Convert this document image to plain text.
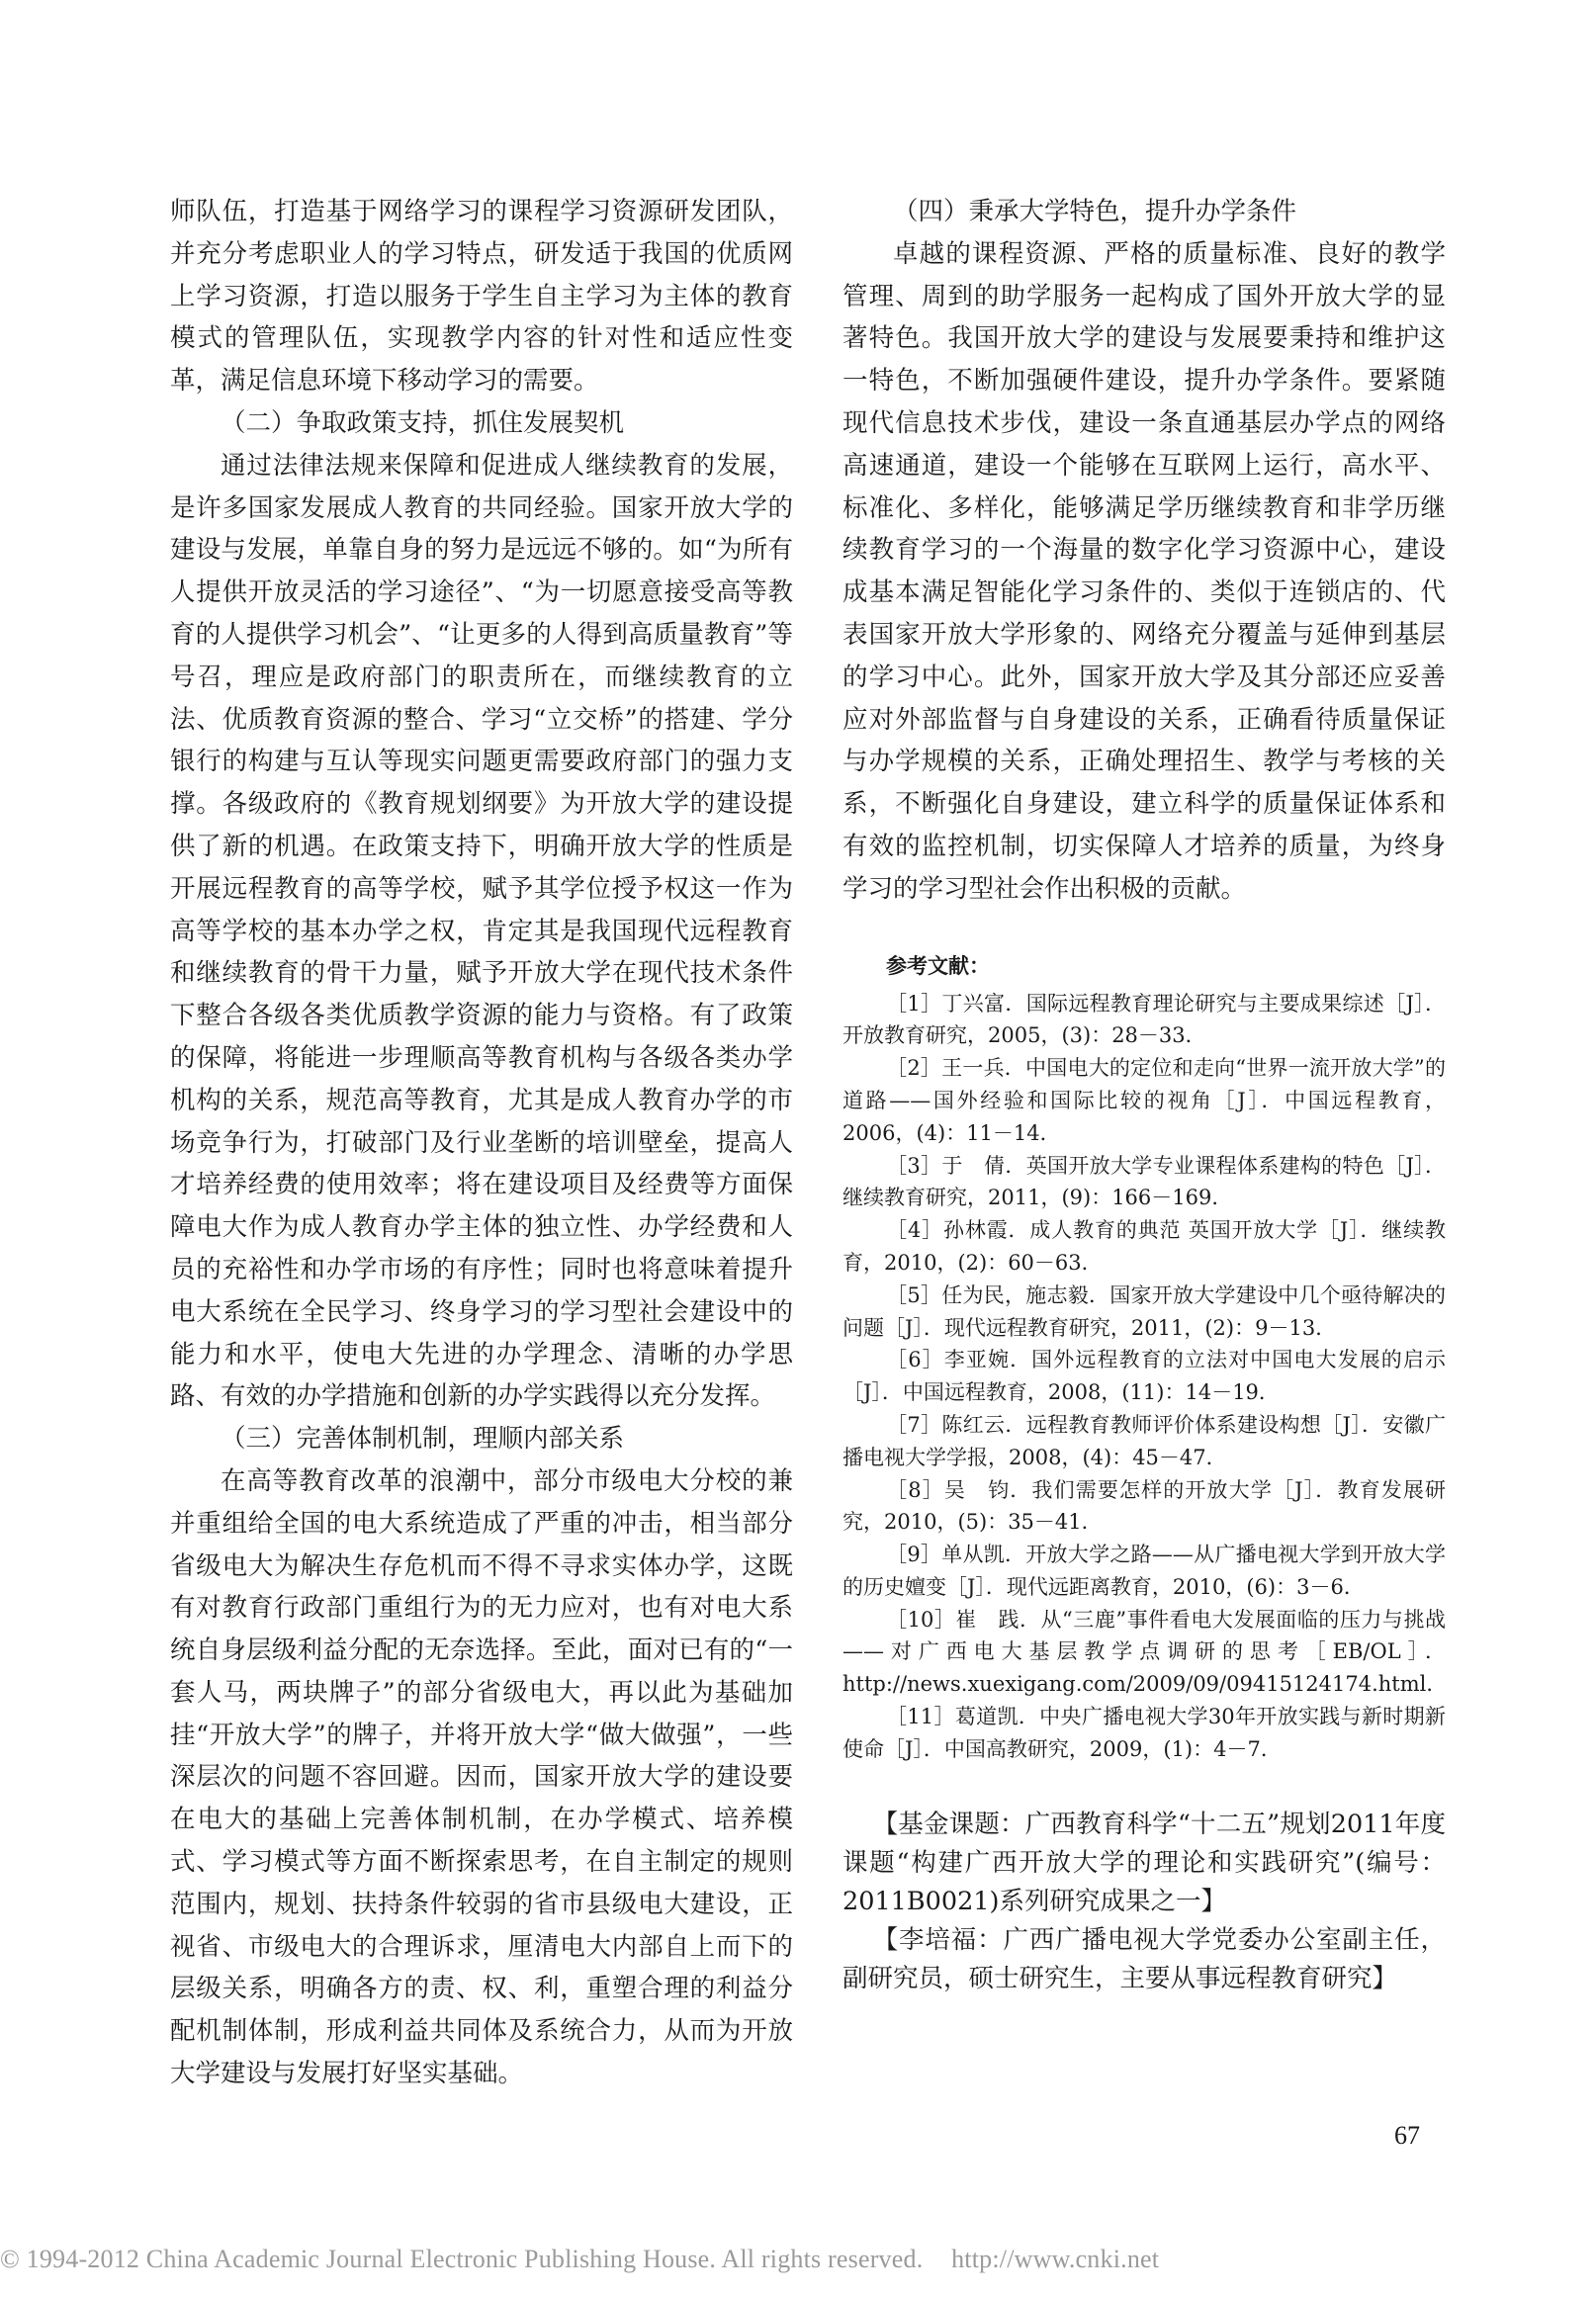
师队伍，打造基于网络学习的课程学习资源研发团队，并充分考虑职业人的学习特点，研发适于我国的优质网上学习资源，打造以服务于学生自主学习为主体的教育模式的管理队伍，实现教学内容的针对性和适应性变革，满足信息环境下移动学习的需要。

（二）争取政策支持，抓住发展契机

通过法律法规来保障和促进成人继续教育的发展，是许多国家发展成人教育的共同经验。国家开放大学的建设与发展，单靠自身的努力是远远不够的。如“为所有人提供开放灵活的学习途径”、“为一切愿意接受高等教育的人提供学习机会”、“让更多的人得到高质量教育”等号召，理应是政府部门的职责所在，而继续教育的立法、优质教育资源的整合、学习“立交桥”的搭建、学分银行的构建与互认等现实问题更需要政府部门的强力支撑。各级政府的《教育规划纲要》为开放大学的建设提供了新的机遇。在政策支持下，明确开放大学的性质是开展远程教育的高等学校，赋予其学位授予权这一作为高等学校的基本办学之权，肯定其是我国现代远程教育和继续教育的骨干力量，赋予开放大学在现代技术条件下整合各级各类优质教学资源的能力与资格。有了政策的保障，将能进一步理顺高等教育机构与各级各类办学机构的关系，规范高等教育，尤其是成人教育办学的市场竞争行为，打破部门及行业垄断的培训壁垒，提高人才培养经费的使用效率；将在建设项目及经费等方面保障电大作为成人教育办学主体的独立性、办学经费和人员的充裕性和办学市场的有序性；同时也将意味着提升电大系统在全民学习、终身学习的学习型社会建设中的能力和水平，使电大先进的办学理念、清晰的办学思路、有效的办学措施和创新的办学实践得以充分发挥。

（三）完善体制机制，理顺内部关系

在高等教育改革的浪潮中，部分市级电大分校的兼并重组给全国的电大系统造成了严重的冲击，相当部分省级电大为解决生存危机而不得不寻求实体办学，这既有对教育行政部门重组行为的无力应对，也有对电大系统自身层级利益分配的无奈选择。至此，面对已有的“一套人马，两块牌子”的部分省级电大，再以此为基础加挂“开放大学”的牌子，并将开放大学“做大做强”，一些深层次的问题不容回避。因而，国家开放大学的建设要在电大的基础上完善体制机制，在办学模式、培养模式、学习模式等方面不断探索思考，在自主制定的规则范围内，规划、扶持条件较弱的省市县级电大建设，正视省、市级电大的合理诉求，厘清电大内部自上而下的层级关系，明确各方的责、权、利，重塑合理的利益分配机制体制，形成利益共同体及系统合力，从而为开放大学建设与发展打好坚实基础。

（四）秉承大学特色，提升办学条件

卓越的课程资源、严格的质量标准、良好的教学管理、周到的助学服务一起构成了国外开放大学的显著特色。我国开放大学的建设与发展要秉持和维护这一特色，不断加强硬件建设，提升办学条件。要紧随现代信息技术步伐，建设一条直通基层办学点的网络高速通道，建设一个能够在互联网上运行，高水平、标准化、多样化，能够满足学历继续教育和非学历继续教育学习的一个海量的数字化学习资源中心，建设成基本满足智能化学习条件的、类似于连锁店的、代表国家开放大学形象的、网络充分覆盖与延伸到基层的学习中心。此外，国家开放大学及其分部还应妥善应对外部监督与自身建设的关系，正确看待质量保证与办学规模的关系，正确处理招生、教学与考核的关系，不断强化自身建设，建立科学的质量保证体系和有效的监控机制，切实保障人才培养的质量，为终身学习的学习型社会作出积极的贡献。

参考文献：

［1］丁兴富．国际远程教育理论研究与主要成果综述［J］．开放教育研究，2005，(3)：28－33．

［2］王一兵．中国电大的定位和走向“世界一流开放大学”的道路——国外经验和国际比较的视角［J］．中国远程教育，2006，(4)：11－14．

［3］于　倩．英国开放大学专业课程体系建构的特色［J］．继续教育研究，2011，(9)：166－169．

［4］孙林霞．成人教育的典范 英国开放大学［J］．继续教育，2010，(2)：60－63．

［5］任为民，施志毅．国家开放大学建设中几个亟待解决的问题［J］．现代远程教育研究，2011，(2)：9－13．

［6］李亚婉．国外远程教育的立法对中国电大发展的启示［J］．中国远程教育，2008，(11)：14－19．

［7］陈红云．远程教育教师评价体系建设构想［J］．安徽广播电视大学学报，2008，(4)：45－47．

［8］吴　钧．我们需要怎样的开放大学［J］．教育发展研究，2010，(5)：35－41．

［9］单从凯．开放大学之路——从广播电视大学到开放大学的历史嬗变［J］．现代远距离教育，2010，(6)：3－6．

［10］崔　践．从“三鹿”事件看电大发展面临的压力与挑战——对广西电大基层教学点调研的思考［EB/OL］．http://news.xuexigang.com/2009/09/09415124174.html．

［11］葛道凯．中央广播电视大学30年开放实践与新时期新使命［J］．中国高教研究，2009，(1)：4－7．

【基金课题：广西教育科学“十二五”规划2011年度课题“构建广西开放大学的理论和实践研究”(编号：2011B0021)系列研究成果之一】

【李培福：广西广播电视大学党委办公室副主任，副研究员，硕士研究生，主要从事远程教育研究】

67
© 1994-2012 China Academic Journal Electronic Publishing House. All rights reserved. http://www.cnki.net
